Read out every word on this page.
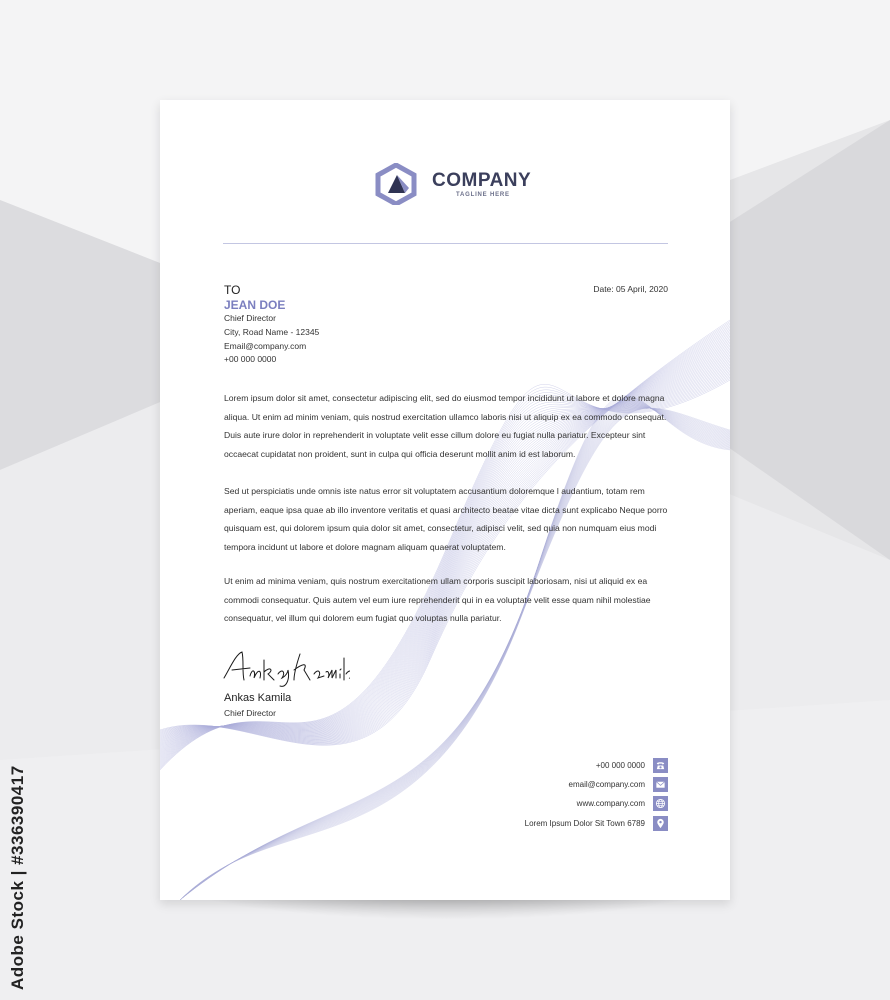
Adobe Stock | #336390417
COMPANY
TAGLINE HERE
TO
JEAN DOE
Chief Director
City, Road Name - 12345
Email@company.com
+00 000 0000
Date: 05 April, 2020

Lorem ipsum dolor sit amet, consectetur adipiscing elit, sed do eiusmod tempor incididunt ut labore et dolore magna aliqua. Ut enim ad minim veniam, quis nostrud exercitation ullamco laboris nisi ut aliquip ex ea commodo consequat. Duis aute irure dolor in reprehenderit in voluptate velit esse cillum dolore eu fugiat nulla pariatur. Excepteur sint occaecat cupidatat non proident, sunt in culpa qui officia deserunt mollit anim id est laborum.

Sed ut perspiciatis unde omnis iste natus error sit voluptatem accusantium doloremque l audantium, totam rem aperiam, eaque ipsa quae ab illo inventore veritatis et quasi architecto beatae vitae dicta sunt explicabo Neque porro quisquam est, qui dolorem ipsum quia dolor sit amet, consectetur, adipisci velit, sed quia non numquam eius modi tempora incidunt ut labore et dolore magnam aliquam quaerat voluptatem.

Ut enim ad minima veniam, quis nostrum exercitationem ullam corporis suscipit laboriosam, nisi ut aliquid ex ea commodi consequatur. Quis autem vel eum iure reprehenderit qui in ea voluptate velit esse quam nihil molestiae consequatur, vel illum qui dolorem eum fugiat quo voluptas nulla pariatur.

Ankas Kamila
Chief Director
+00 000 0000
email@company.com
www.company.com
Lorem Ipsum Dolor Sit Town 6789
